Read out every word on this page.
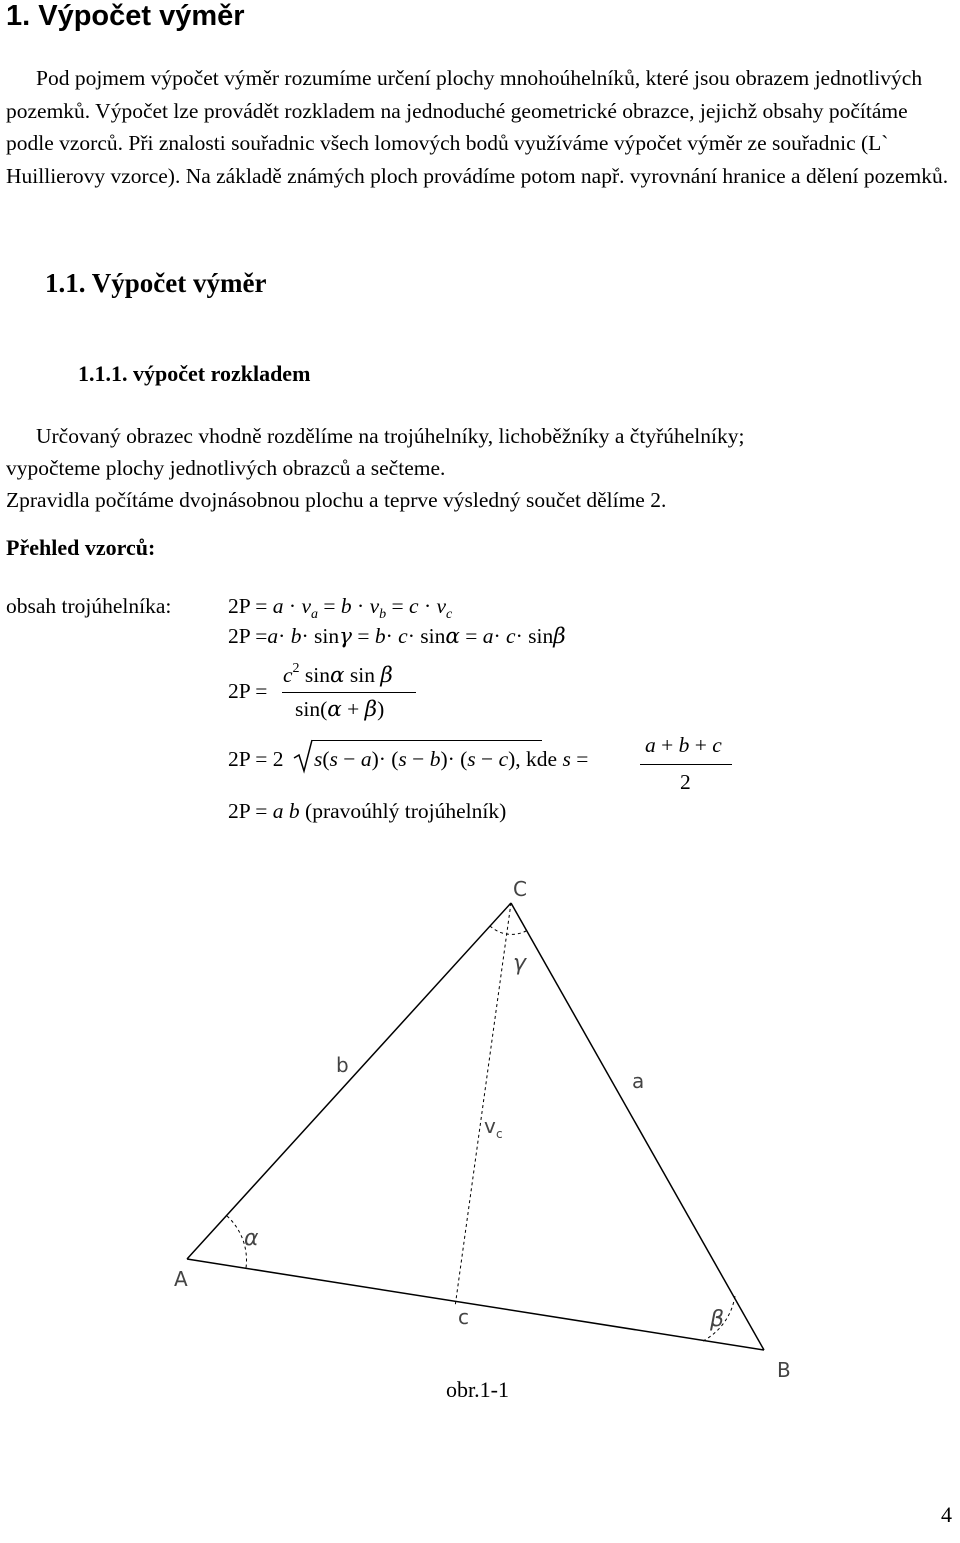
1. Výpočet výměr

Pod pojmem výpočet výměr rozumíme určení plochy mnohoúhelníků, které jsou obrazem jednotlivých pozemků. Výpočet lze provádět rozkladem na jednoduché geometrické obrazce, jejichž obsahy počítáme podle vzorců. Při znalosti souřadnic všech lomových bodů využíváme výpočet výměr ze souřadnic (L` Huillierovy vzorce). Na základě známých ploch provádíme potom např. vyrovnání hranice a dělení pozemků.

1.1. Výpočet výměr
1.1.1. výpočet rozkladem
Určovaný obrazec vhodně rozdělíme na trojúhelníky, lichoběžníky a čtyřúhelníky;
vypočteme plochy jednotlivých obrazců a sečteme.
Zpravidla počítáme dvojnásobnou plochu a teprve výsledný součet dělíme 2.
Přehled vzorců:
obsah trojúhelníka:	$2P = a \cdot v_a = b \cdot v_b = c \cdot v_c$
2P =a· b· sinγ = b· c· sinα = a· c· sinβ
2P =
$c^2$ sinα sin β
sin(α + β)
2P = 2 s(s − a)· (s − b)· (s − c), kde s =
a + b + c
2
2P = a b (pravoúhlý trojúhelník)
C
A
B
b
a
c
v c
α
γ
β
obr.1-1
4
